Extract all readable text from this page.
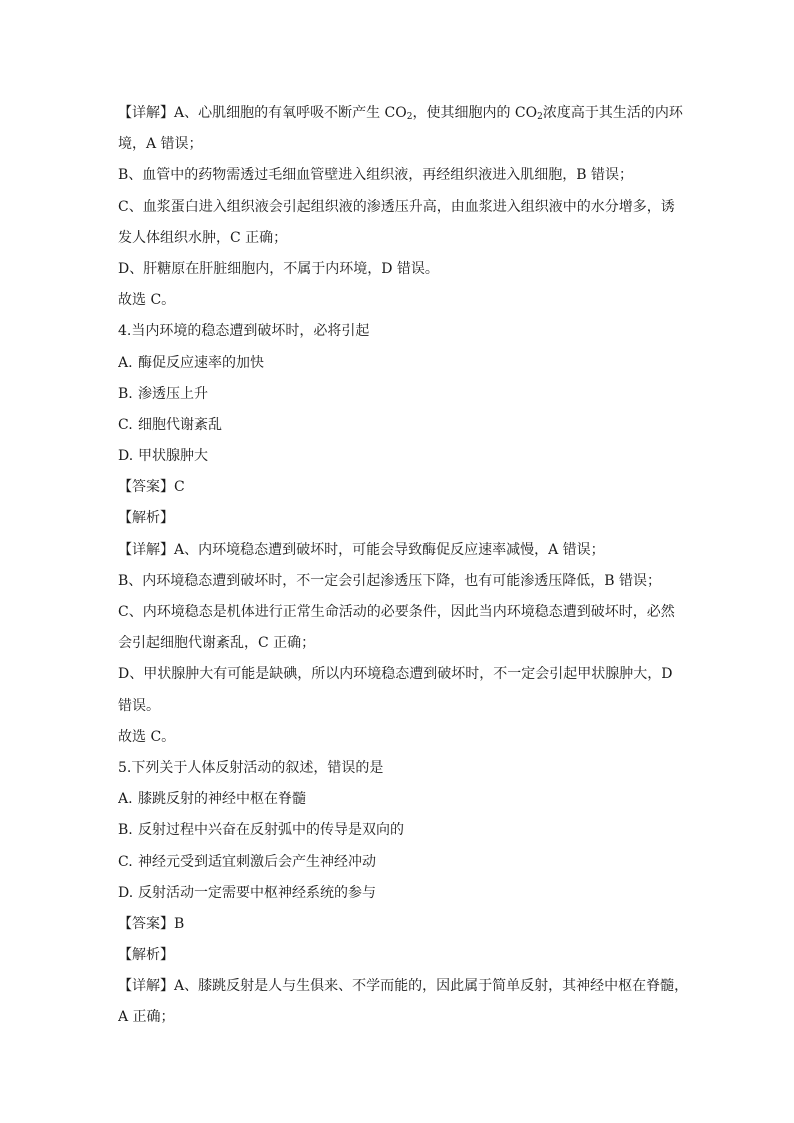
【详解】A、心肌细胞的有氧呼吸不断产生 $CO_2$，使其细胞内的 $CO_2$浓度高于其生活的内环
境，A 错误；
B、血管中的药物需透过毛细血管壁进入组织液，再经组织液进入肌细胞，B 错误；
C、血浆蛋白进入组织液会引起组织液的渗透压升高，由血浆进入组织液中的水分增多，诱
发人体组织水肿，C 正确；
D、肝糖原在肝脏细胞内，不属于内环境，D 错误。
故选 C。
4.当内环境的稳态遭到破坏时，必将引起
A. 酶促反应速率的加快
B. 渗透压上升
C. 细胞代谢紊乱
D. 甲状腺肿大
【答案】C
【解析】
【详解】A、内环境稳态遭到破坏时，可能会导致酶促反应速率减慢，A 错误；
B、内环境稳态遭到破坏时，不一定会引起渗透压下降，也有可能渗透压降低，B 错误；
C、内环境稳态是机体进行正常生命活动的必要条件，因此当内环境稳态遭到破坏时，必然
会引起细胞代谢紊乱，C 正确；
D、甲状腺肿大有可能是缺碘，所以内环境稳态遭到破坏时，不一定会引起甲状腺肿大，D
错误。
故选 C。
5.下列关于人体反射活动的叙述，错误的是
A. 膝跳反射的神经中枢在脊髓
B. 反射过程中兴奋在反射弧中的传导是双向的
C. 神经元受到适宜刺激后会产生神经冲动
D. 反射活动一定需要中枢神经系统的参与
【答案】B
【解析】
【详解】A、膝跳反射是人与生俱来、不学而能的，因此属于简单反射，其神经中枢在脊髓，
A 正确；
